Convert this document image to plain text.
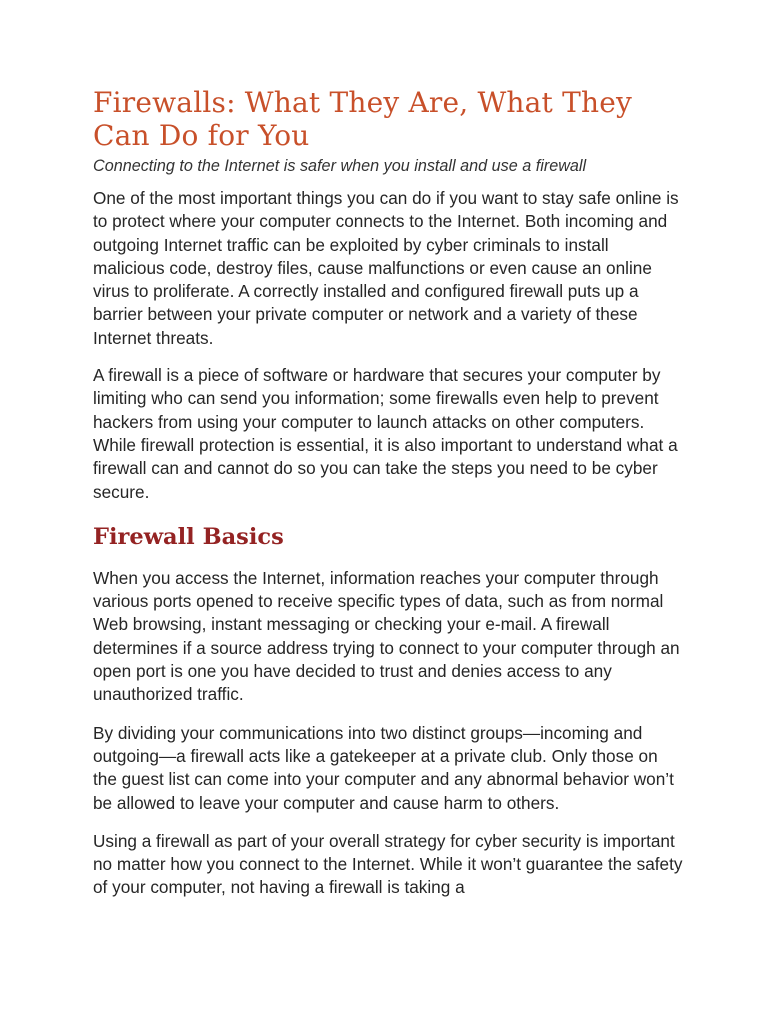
Firewalls: What They Are, What They Can Do for You

Connecting to the Internet is safer when you install and use a firewall

One of the most important things you can do if you want to stay safe online is to protect where your computer connects to the Internet. Both incoming and outgoing Internet traffic can be exploited by cyber criminals to install malicious code, destroy files, cause malfunctions or even cause an online virus to proliferate. A correctly installed and configured firewall puts up a barrier between your private computer or network and a variety of these Internet threats.

A firewall is a piece of software or hardware that secures your computer by limiting who can send you information; some firewalls even help to prevent hackers from using your computer to launch attacks on other computers. While firewall protection is essential, it is also important to understand what a firewall can and cannot do so you can take the steps you need to be cyber secure.

Firewall Basics

When you access the Internet, information reaches your computer through various ports opened to receive specific types of data, such as from normal Web browsing, instant messaging or checking your e-mail. A firewall determines if a source address trying to connect to your computer through an open port is one you have decided to trust and denies access to any unauthorized traffic.

By dividing your communications into two distinct groups—incoming and outgoing—a firewall acts like a gatekeeper at a private club. Only those on the guest list can come into your computer and any abnormal behavior won’t be allowed to leave your computer and cause harm to others.

Using a firewall as part of your overall strategy for cyber security is important no matter how you connect to the Internet. While it won’t guarantee the safety of your computer, not having a firewall is taking a
